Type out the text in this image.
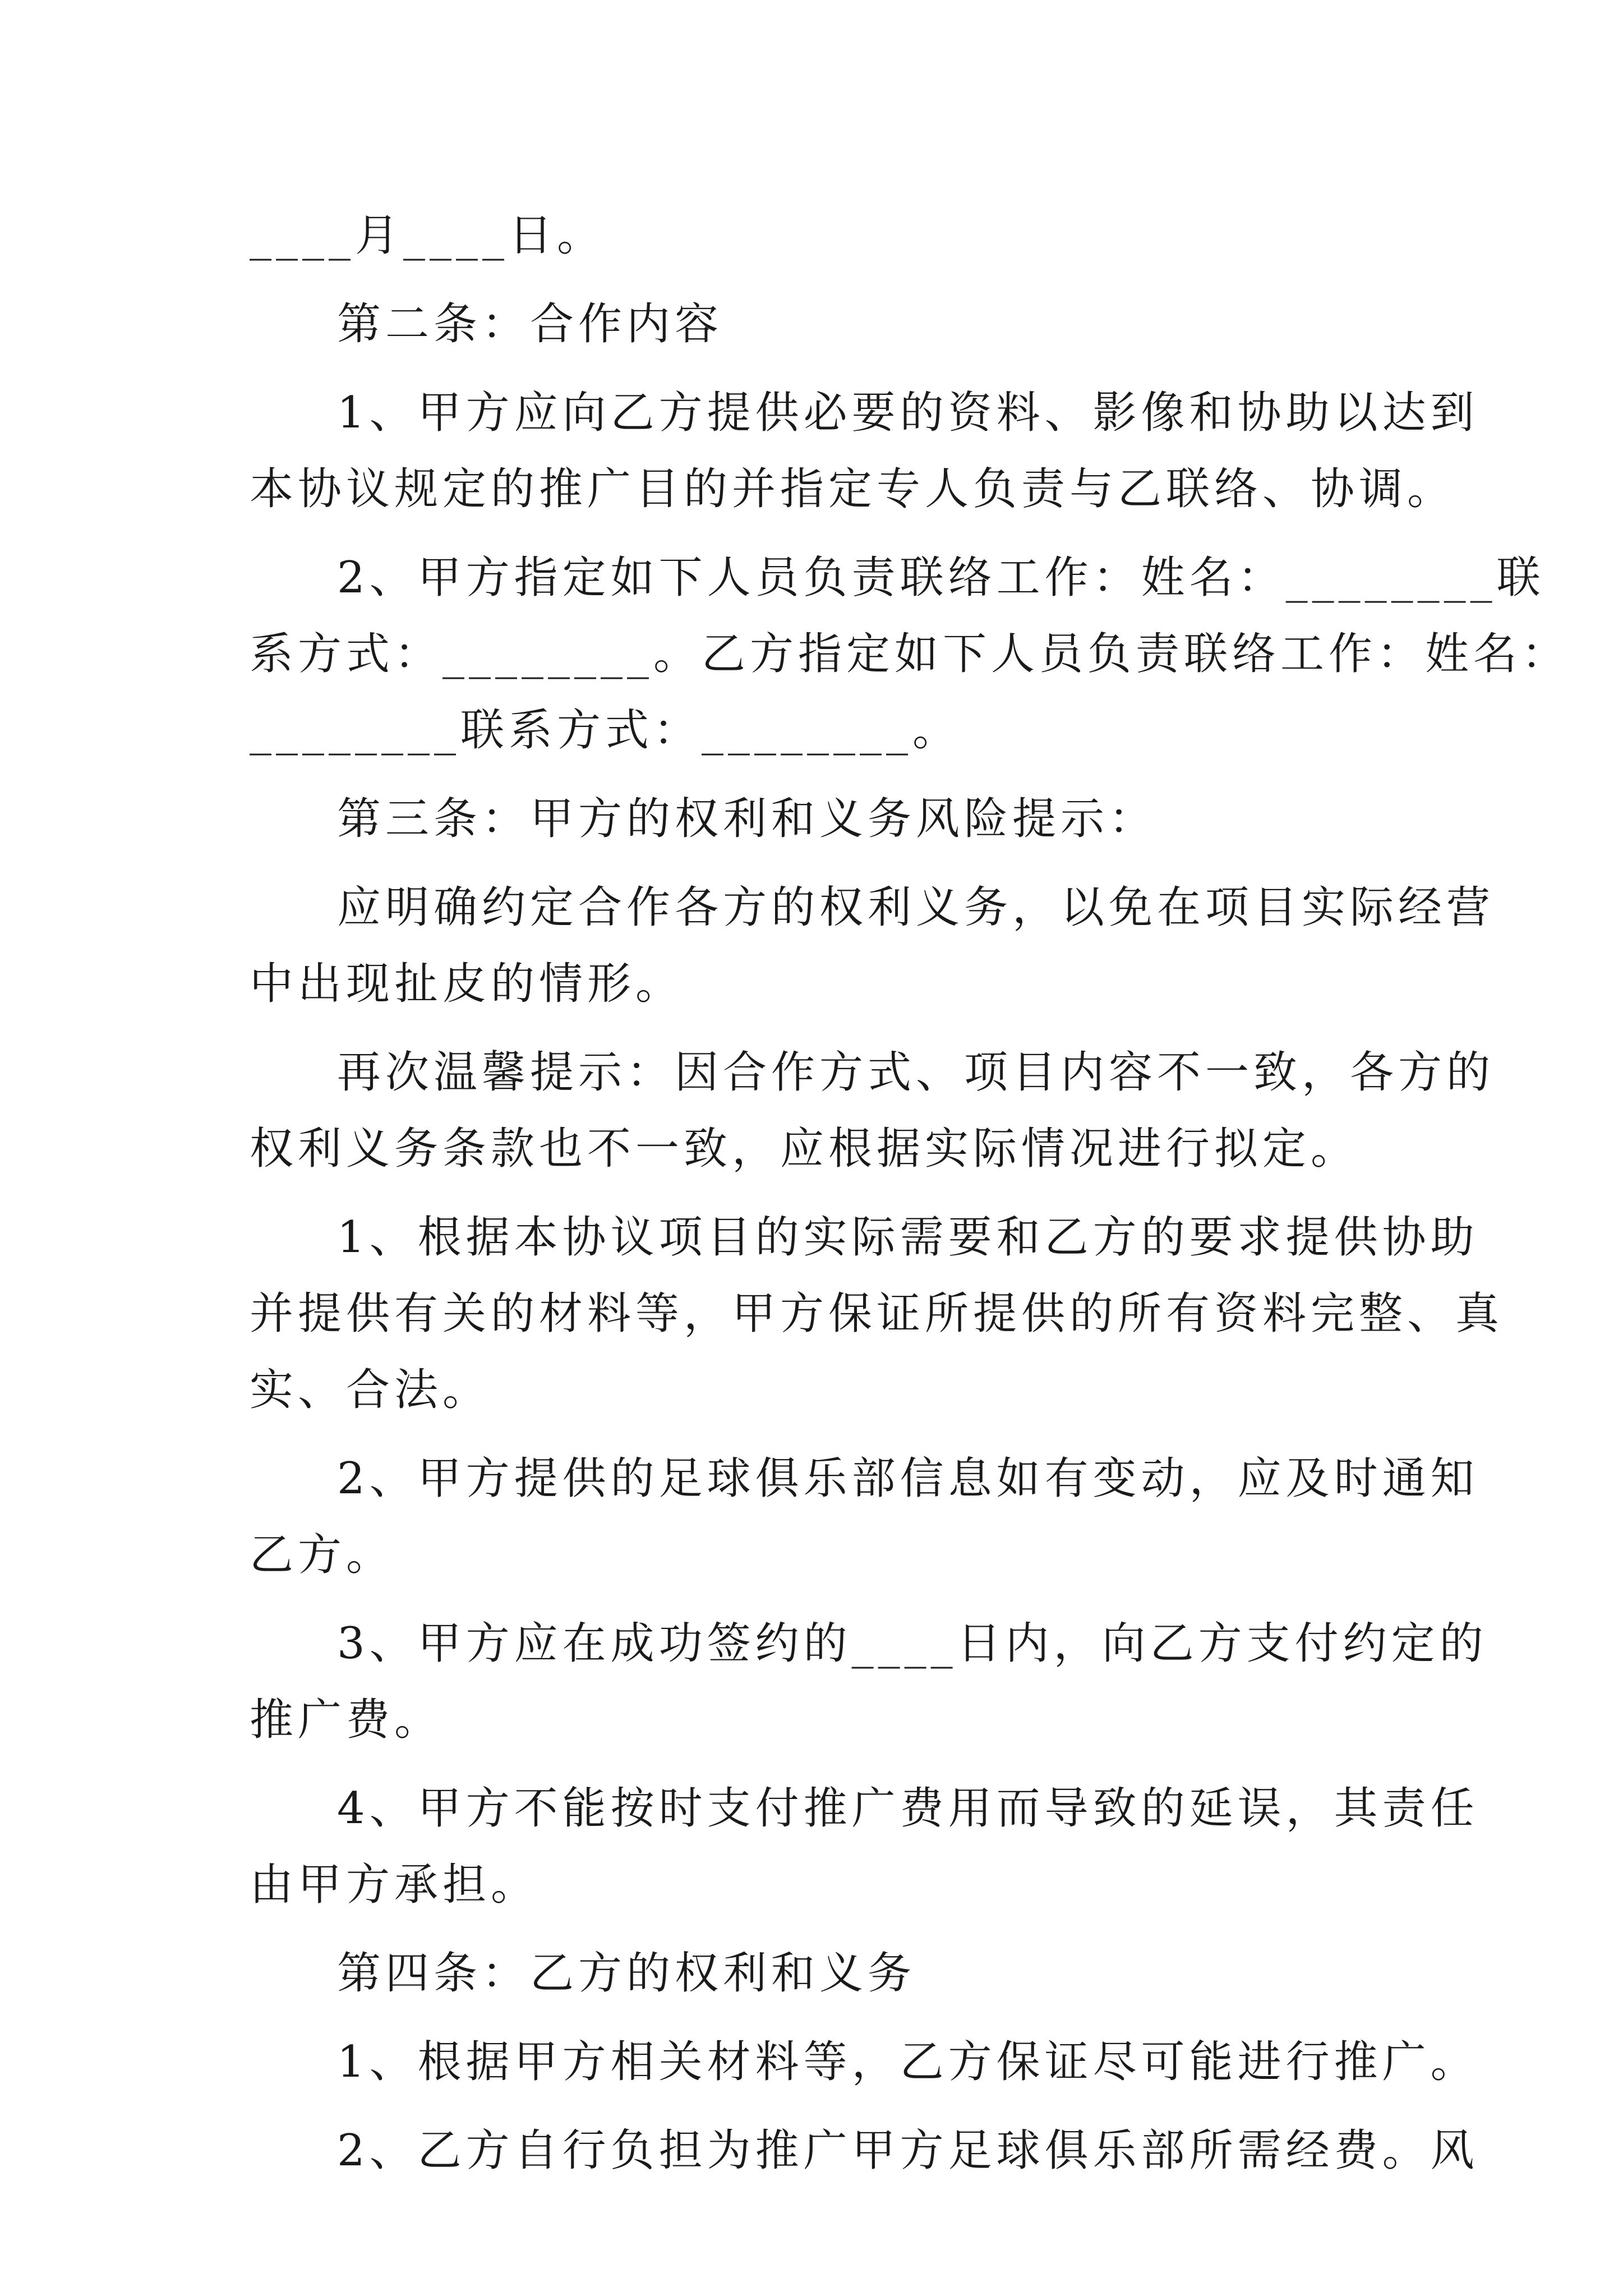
____月____日。
第二条：合作内容
1、甲方应向乙方提供必要的资料、影像和协助以达到
本协议规定的推广目的并指定专人负责与乙联络、协调。
2、甲方指定如下人员负责联络工作：姓名：________联
系方式：________。乙方指定如下人员负责联络工作：姓名：
________联系方式：________。
第三条：甲方的权利和义务风险提示：
应明确约定合作各方的权利义务，以免在项目实际经营
中出现扯皮的情形。
再次温馨提示：因合作方式、项目内容不一致，各方的
权利义务条款也不一致，应根据实际情况进行拟定。
1、根据本协议项目的实际需要和乙方的要求提供协助
并提供有关的材料等，甲方保证所提供的所有资料完整、真
实、合法。
2、甲方提供的足球俱乐部信息如有变动，应及时通知
乙方。
3、甲方应在成功签约的____日内，向乙方支付约定的
推广费。
4、甲方不能按时支付推广费用而导致的延误，其责任
由甲方承担。
第四条：乙方的权利和义务
1、根据甲方相关材料等，乙方保证尽可能进行推广。
2、乙方自行负担为推广甲方足球俱乐部所需经费。风
